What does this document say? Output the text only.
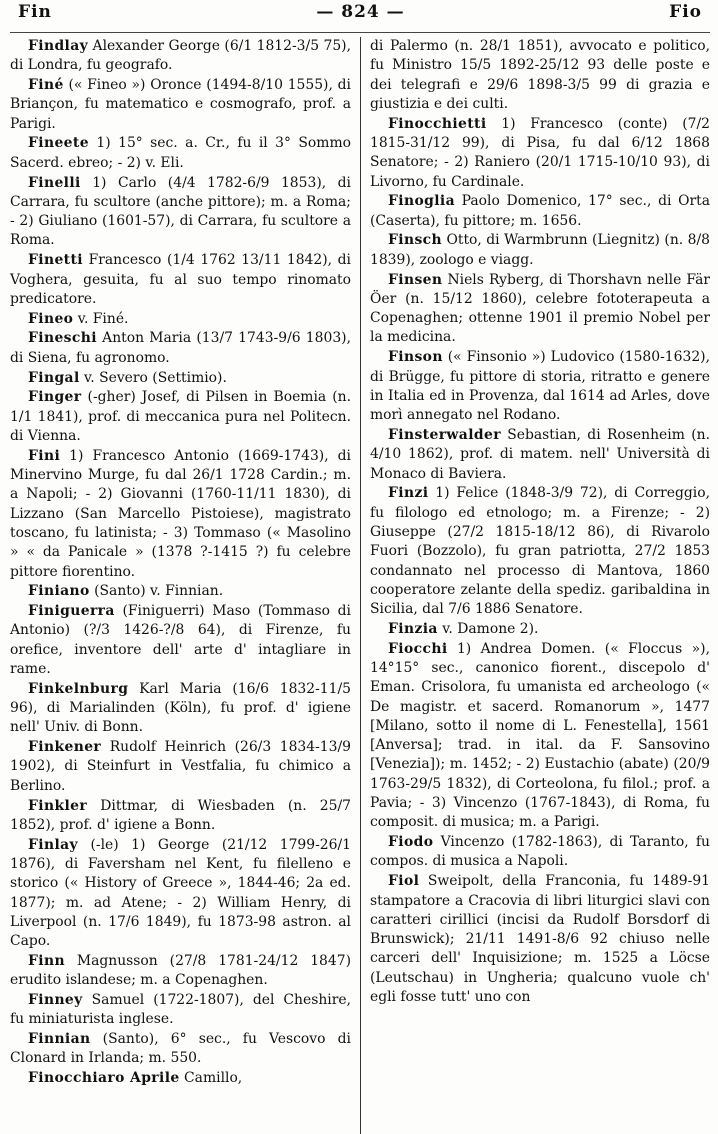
Fin	— 824 —	Fio

Findlay Alexander George (6/1 1812-3/5 75), di Londra, fu geografo.

Finé (« Fineo ») Oronce (1494-8/10 1555), di Briançon, fu matematico e cosmografo, prof. a Parigi.

Fineete 1) 15° sec. a. Cr., fu il 3° Sommo Sacerd. ebreo; - 2) v. Eli.

Finelli 1) Carlo (4/4 1782-6/9 1853), di Carrara, fu scultore (anche pittore); m. a Roma; - 2) Giuliano (1601-57), di Carrara, fu scultore a Roma.

Finetti Francesco (1/4 1762 13/11 1842), di Voghera, gesuita, fu al suo tempo rinomato predicatore.

Fineo v. Finé.

Fineschi Anton Maria (13/7 1743-9/6 1803), di Siena, fu agronomo.

Fingal v. Severo (Settimio).

Finger (-gher) Josef, di Pilsen in Boemia (n. 1/1 1841), prof. di meccanica pura nel Politecn. di Vienna.

Fini 1) Francesco Antonio (1669-1743), di Minervino Murge, fu dal 26/1 1728 Cardin.; m. a Napoli; - 2) Giovanni (1760-11/11 1830), di Lizzano (San Marcello Pistoiese), magistrato toscano, fu latinista; - 3) Tommaso (« Masolino » « da Panicale » (1378 ?-1415 ?) fu celebre pittore fiorentino.

Finiano (Santo) v. Finnian.

Finiguerra (Finiguerri) Maso (Tommaso di Antonio) (?/3 1426-?/8 64), di Firenze, fu orefice, inventore dell' arte d' intagliare in rame.

Finkelnburg Karl Maria (16/6 1832-11/5 96), di Marialinden (Köln), fu prof. d' igiene nell' Univ. di Bonn.

Finkener Rudolf Heinrich (26/3 1834-13/9 1902), di Steinfurt in Vestfalia, fu chimico a Berlino.

Finkler Dittmar, di Wiesbaden (n. 25/7 1852), prof. d' igiene a Bonn.

Finlay (-le) 1) George (21/12 1799-26/1 1876), di Faversham nel Kent, fu filelleno e storico (« History of Greece », 1844-46; 2a ed. 1877); m. ad Atene; - 2) William Henry, di Liverpool (n. 17/6 1849), fu 1873-98 astron. al Capo.

Finn Magnusson (27/8 1781-24/12 1847) erudito islandese; m. a Copenaghen.

Finney Samuel (1722-1807), del Cheshire, fu miniaturista inglese.

Finnian (Santo), 6° sec., fu Vescovo di Clonard in Irlanda; m. 550.

Finocchiaro Aprile Camillo,

di Palermo (n. 28/1 1851), avvocato e politico, fu Ministro 15/5 1892-25/12 93 delle poste e dei telegrafi e 29/6 1898-3/5 99 di grazia e giustizia e dei culti.

Finocchietti 1) Francesco (conte) (7/2 1815-31/12 99), di Pisa, fu dal 6/12 1868 Senatore; - 2) Raniero (20/1 1715-10/10 93), di Livorno, fu Cardinale.

Finoglia Paolo Domenico, 17° sec., di Orta (Caserta), fu pittore; m. 1656.

Finsch Otto, di Warmbrunn (Liegnitz) (n. 8/8 1839), zoologo e viagg.

Finsen Niels Ryberg, di Thorshavn nelle Fär Öer (n. 15/12 1860), celebre fototerapeuta a Copenaghen; ottenne 1901 il premio Nobel per la medicina.

Finson (« Finsonio ») Ludovico (1580-1632), di Brügge, fu pittore di storia, ritratto e genere in Italia ed in Provenza, dal 1614 ad Arles, dove morì annegato nel Rodano.

Finsterwalder Sebastian, di Rosenheim (n. 4/10 1862), prof. di matem. nell' Università di Monaco di Baviera.

Finzi 1) Felice (1848-3/9 72), di Correggio, fu filologo ed etnologo; m. a Firenze; - 2) Giuseppe (27/2 1815-18/12 86), di Rivarolo Fuori (Bozzolo), fu gran patriotta, 27/2 1853 condannato nel processo di Mantova, 1860 cooperatore zelante della spediz. garibaldina in Sicilia, dal 7/6 1886 Senatore.

Finzia v. Damone 2).

Fiocchi 1) Andrea Domen. (« Floccus »), 14°15° sec., canonico fiorent., discepolo d' Eman. Crisolora, fu umanista ed archeologo (« De magistr. et sacerd. Romanorum », 1477 [Milano, sotto il nome di L. Fenestella], 1561 [Anversa]; trad. in ital. da F. Sansovino [Venezia]); m. 1452; - 2) Eustachio (abate) (20/9 1763-29/5 1832), di Corteolona, fu filol.; prof. a Pavia; - 3) Vincenzo (1767-1843), di Roma, fu composit. di musica; m. a Parigi.

Fiodo Vincenzo (1782-1863), di Taranto, fu compos. di musica a Napoli.

Fiol Sweipolt, della Franconia, fu 1489-91 stampatore a Cracovia di libri liturgici slavi con caratteri cirillici (incisi da Rudolf Borsdorf di Brunswick); 21/11 1491-8/6 92 chiuso nelle carceri dell' Inquisizione; m. 1525 a Löcse (Leutschau) in Ungheria; qualcuno vuole ch' egli fosse tutt' uno con
